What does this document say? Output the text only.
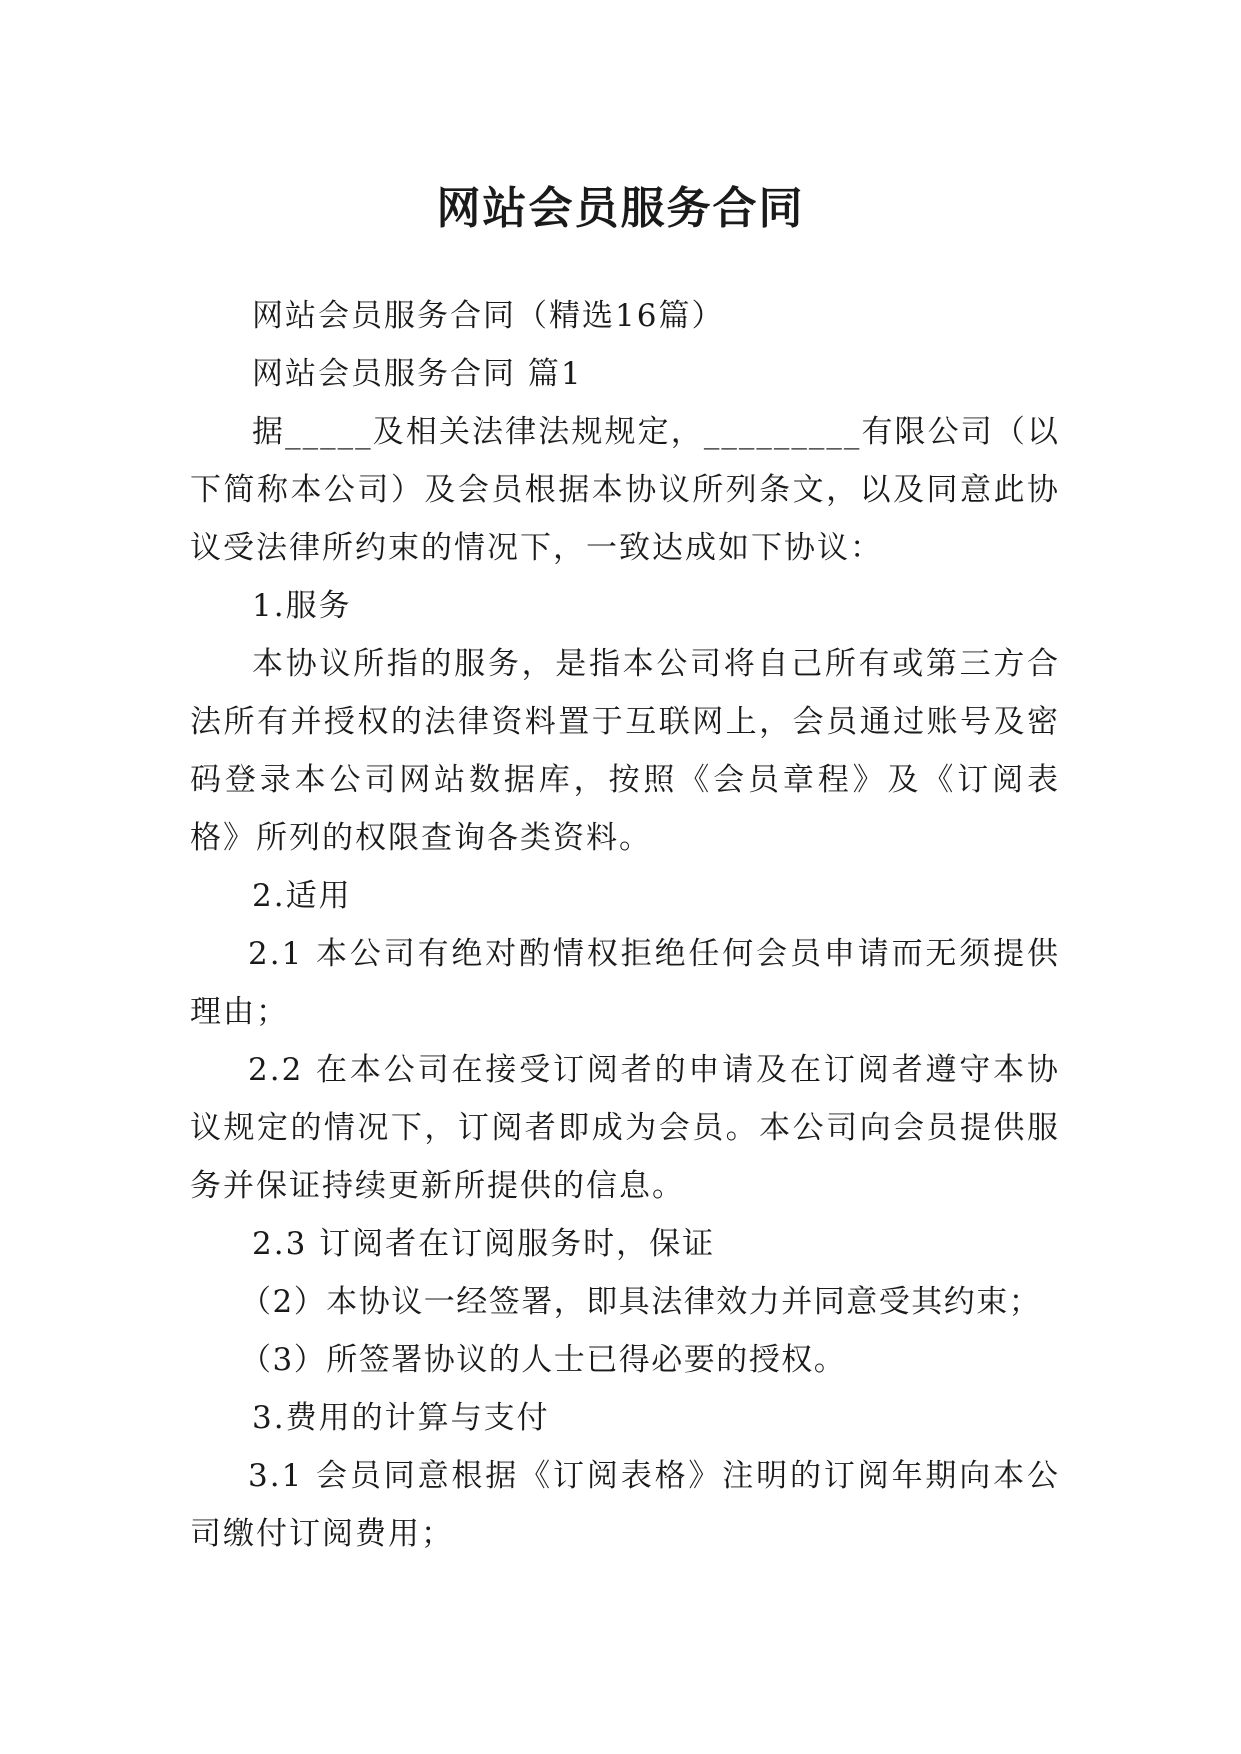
网站会员服务合同

网站会员服务合同（精选16篇）

网站会员服务合同 篇1

据_____及相关法律法规规定，_________有限公司（以下简称本公司）及会员根据本协议所列条文，以及同意此协议受法律所约束的情况下，一致达成如下协议：

1.服务

本协议所指的服务，是指本公司将自己所有或第三方合法所有并授权的法律资料置于互联网上，会员通过账号及密码登录本公司网站数据库，按照《会员章程》及《订阅表格》所列的权限查询各类资料。

2.适用

2.1 本公司有绝对酌情权拒绝任何会员申请而无须提供理由；

2.2 在本公司在接受订阅者的申请及在订阅者遵守本协议规定的情况下，订阅者即成为会员。本公司向会员提供服务并保证持续更新所提供的信息。

2.3 订阅者在订阅服务时，保证

（2）本协议一经签署，即具法律效力并同意受其约束；

（3）所签署协议的人士已得必要的授权。

3.费用的计算与支付

3.1 会员同意根据《订阅表格》注明的订阅年期向本公司缴付订阅费用；
